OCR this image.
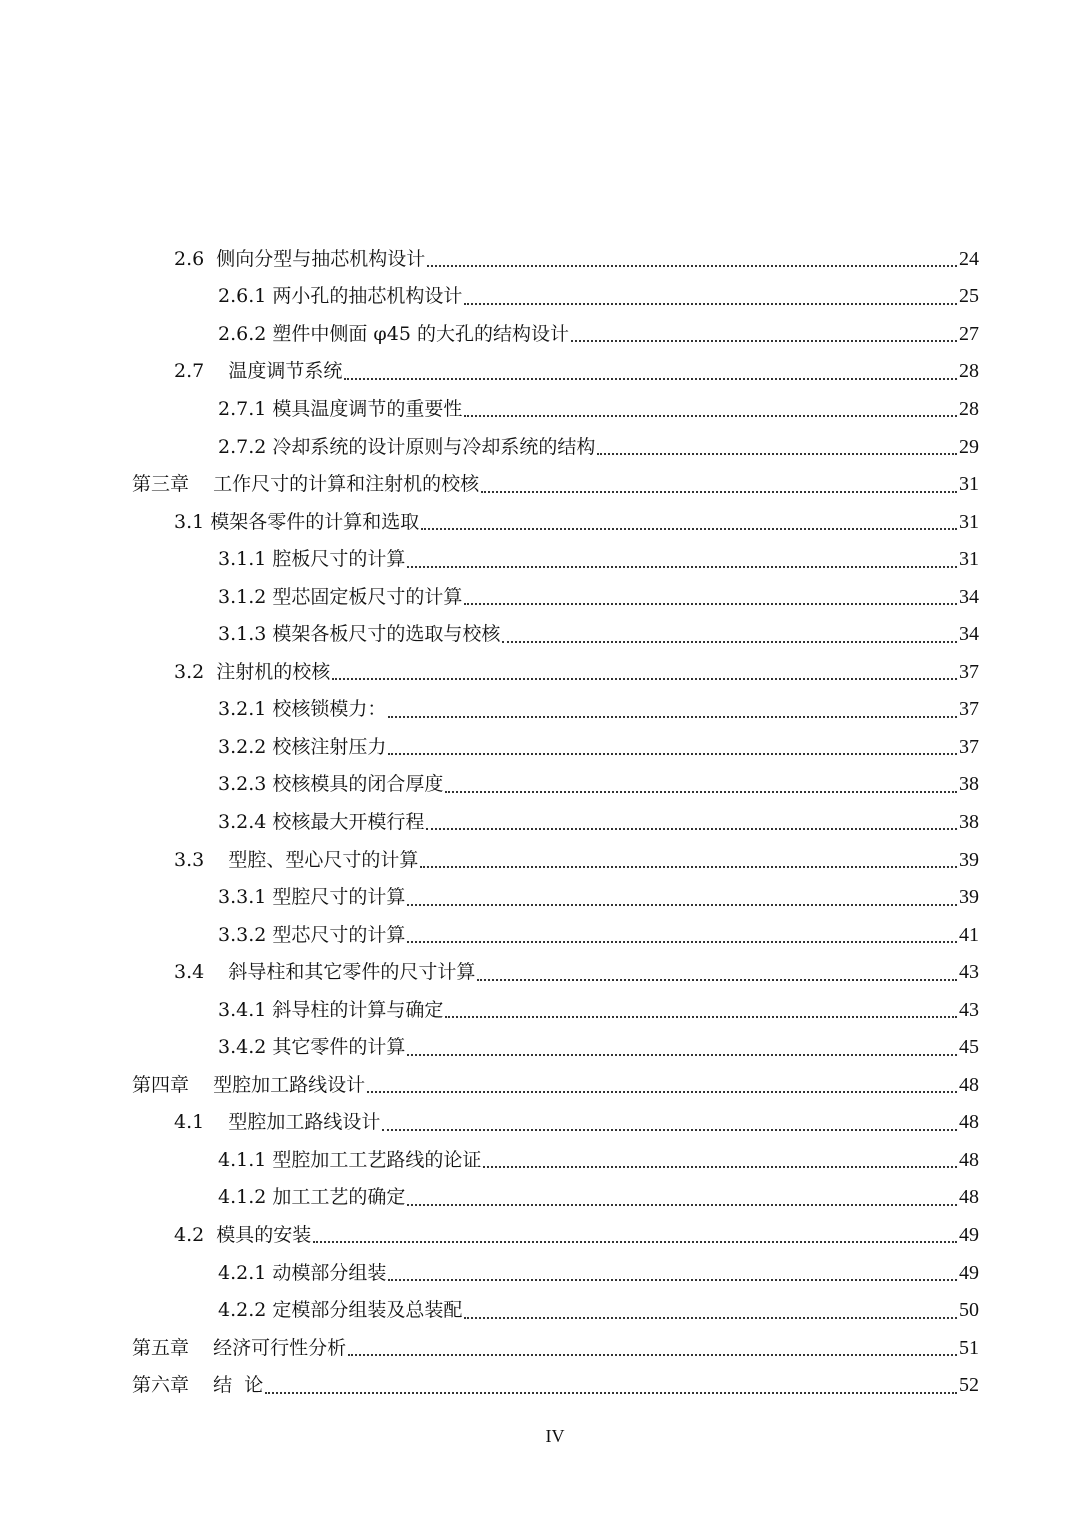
2.6  侧向分型与抽芯机构设计	24
2.6.1 两小孔的抽芯机构设计	25
2.6.2 塑件中侧面 φ45 的大孔的结构设计	27
2.7    温度调节系统	28
2.7.1 模具温度调节的重要性	28
2.7.2 冷却系统的设计原则与冷却系统的结构	29
第三章    工作尺寸的计算和注射机的校核	31
3.1 模架各零件的计算和选取	31
3.1.1 腔板尺寸的计算	31
3.1.2 型芯固定板尺寸的计算	34
3.1.3 模架各板尺寸的选取与校核	34
3.2  注射机的校核	37
3.2.1 校核锁模力：	37
3.2.2 校核注射压力	37
3.2.3 校核模具的闭合厚度	38
3.2.4 校核最大开模行程	38
3.3    型腔、型心尺寸的计算	39
3.3.1 型腔尺寸的计算	39
3.3.2 型芯尺寸的计算	41
3.4    斜导柱和其它零件的尺寸计算	43
3.4.1 斜导柱的计算与确定	43
3.4.2 其它零件的计算	45
第四章    型腔加工路线设计	48
4.1    型腔加工路线设计	48
4.1.1 型腔加工工艺路线的论证	48
4.1.2 加工工艺的确定	48
4.2  模具的安装	49
4.2.1 动模部分组装	49
4.2.2 定模部分组装及总装配	50
第五章    经济可行性分析	51
第六章    结  论	52
IV
